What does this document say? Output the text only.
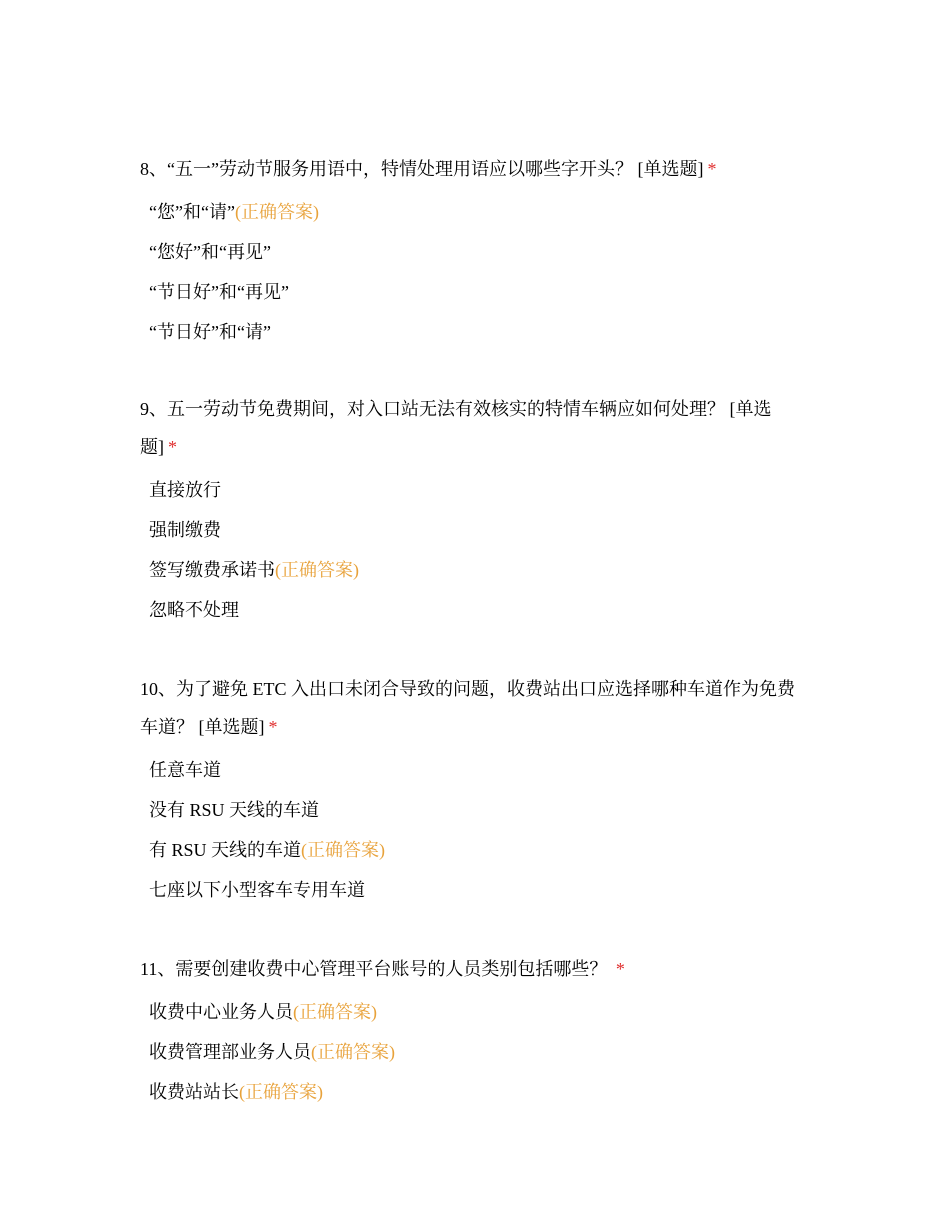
8、“五一”劳动节服务用语中，特情处理用语应以哪些字开头？ [单选题] *

“您”和“请”(正确答案)
“您好”和“再见”
“节日好”和“再见”
“节日好”和“请”

9、五一劳动节免费期间，对入口站无法有效核实的特情车辆应如何处理？ [单选题] *

直接放行
强制缴费
签写缴费承诺书(正确答案)
忽略不处理

10、为了避免 ETC 入出口未闭合导致的问题，收费站出口应选择哪种车道作为免费车道？ [单选题] *

任意车道
没有 RSU 天线的车道
有 RSU 天线的车道(正确答案)
七座以下小型客车专用车道

11、需要创建收费中心管理平台账号的人员类别包括哪些？ *

收费中心业务人员(正确答案)
收费管理部业务人员(正确答案)
收费站站长(正确答案)
